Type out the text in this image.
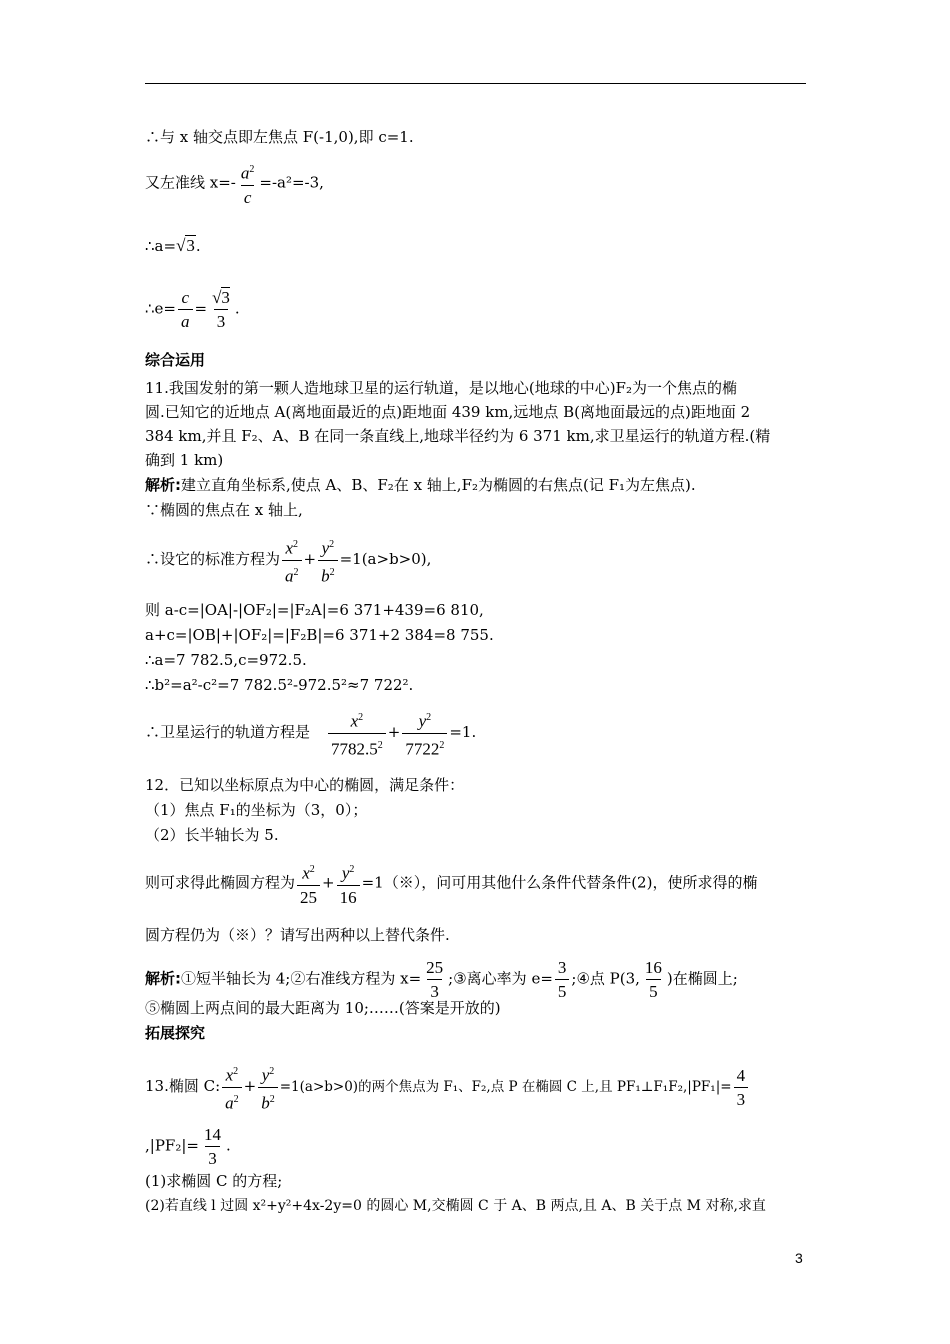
∴与 x 轴交点即左焦点 F(-1,0),即 c=1.
又左准线 $x=- \frac{a^2}{c} =-a^2=-3$,
∴a=√3.
∴e= $\frac{c}{a} = \frac{√3}{3}$ .
综合运用
11.我国发射的第一颗人造地球卫星的运行轨道，是以地心(地球的中心)F₂为一个焦点的椭
圆.已知它的近地点 A(离地面最近的点)距地面 439 km,远地点 B(离地面最远的点)距地面 2
384 km,并且 F₂、A、B 在同一条直线上,地球半径约为 6 371 km,求卫星运行的轨道方程.(精
确到 1 km)
解析:建立直角坐标系,使点 A、B、F₂在 x 轴上,F₂为椭圆的右焦点(记 F₁为左焦点).
∵椭圆的焦点在 x 轴上,
∴设它的标准方程为 $\frac{x^2}{a^2} + \frac{y^2}{b^2} =1(a>b>0)$,
则 a-c=|OA|-|OF₂|=|F₂A|=6 371+439=6 810,
a+c=|OB|+|OF₂|=|F₂B|=6 371+2 384=8 755.
∴a=7 782.5,c=972.5.
∴b²=a²-c²=7 782.5²-972.5²≈7 722².
∴卫星运行的轨道方程是 $\frac{x^2}{7782.5^2} + \frac{y^2}{7722^2} =1$.
12．已知以坐标原点为中心的椭圆，满足条件：
（1）焦点 F₁的坐标为（3，0）；
（2）长半轴长为 5.
则可求得此椭圆方程为 $\frac{x^2}{25} + \frac{y^2}{16}$ =1（※），问可用其他什么条件代替条件(2)，使所求得的椭
圆方程仍为（※）？请写出两种以上替代条件.
解析:①短半轴长为 4;②右准线方程为 $x= \frac{25}{3}$ ;③离心率为 $e= \frac{3}{5}$ ;④点 P(3, $\frac{16}{5}$ )在椭圆上;
⑤椭圆上两点间的最大距离为 10;……(答案是开放的)
拓展探究
13.椭圆 C: $\frac{x^2}{a^2} + \frac{y^2}{b^2} =1(a>b>0)$的两个焦点为 F₁、F₂,点 P 在椭圆 C 上,且 PF₁⊥F₁F₂,|PF₁|= $\frac{4}{3}$
$,|PF_2|= \frac{14}{3}$ .
(1)求椭圆 C 的方程;
(2)若直线 l 过圆 x²+y²+4x-2y=0 的圆心 M,交椭圆 C 于 A、B 两点,且 A、B 关于点 M 对称,求直
3
